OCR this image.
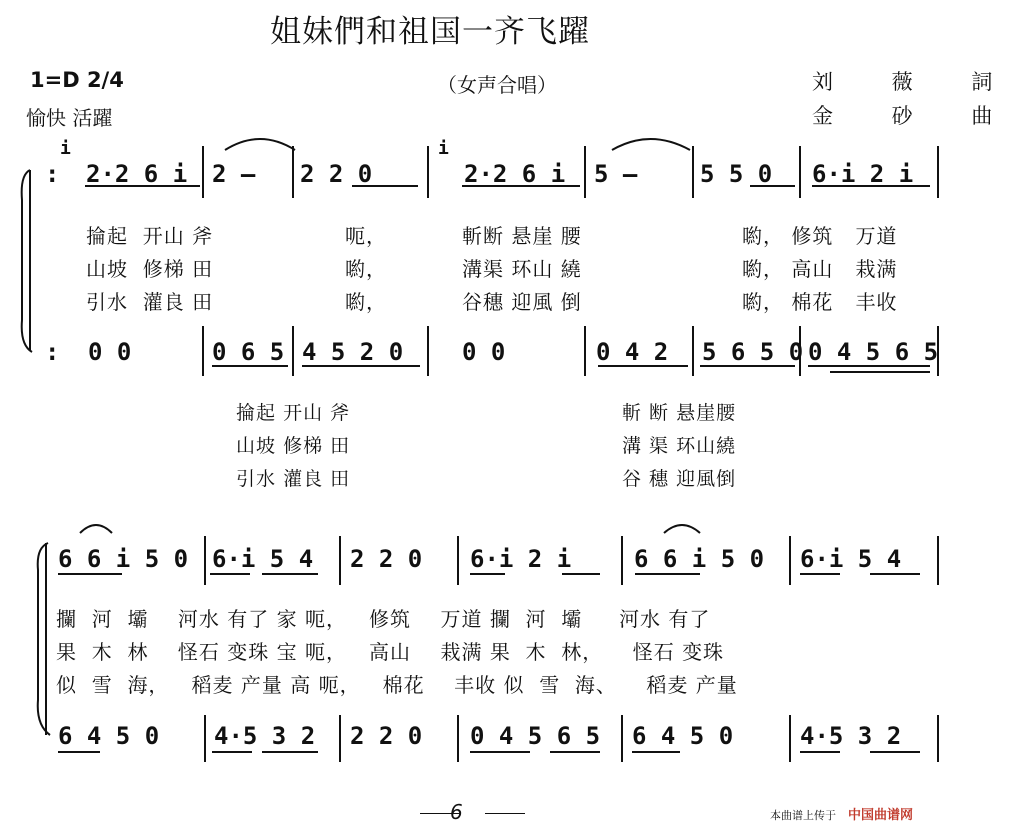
姐妹們和祖国一齐飞躍
1=D 2/4
愉快 活躍
（女声合唱）	刘 薇 詞
金 砂 曲
:
i
2·2 6 i 2 — 2 2 0
i
2·2 6 i 5 —	5 5 0 6·i 2 i
掄起 开山 斧	呃，	斬断 悬崖 腰	喲， 修筑 万道
山坡 修梯 田	喲，	溝渠 环山 繞	喲， 高山 栽满
引水 灌良 田	喲，	谷穗 迎風 倒	喲， 棉花 丰收
: 0 0	0 6 5 4 5 2 0 0 0	0 4 2 5 6 5 0 0 4 5 6 5
掄起 开山 斧	斬 断 悬崖腰
山坡 修梯 田	溝 渠 环山繞
引水 灌良 田	谷 穗 迎風倒
6 6 i 5 0 6·i 5 4 2 2 0 6·i 2 i	6 6 i 5 0 6·i 5 4
攔 河 壩 河水 有了 家 呃， 修筑 万道 攔 河 壩 河水 有了
果 木 林 怪石 变珠 宝 呃， 高山 栽满 果 木 林， 怪石 变珠
似 雪 海， 稻麦 产量 高 呃， 棉花 丰收 似 雪 海、 稻麦 产量
6 4 5 0 4·5 3 2 2 2 0 0 4 5 6 5 6 4 5 0	4·5 3 2
6	本曲谱上传于 中国曲谱网
